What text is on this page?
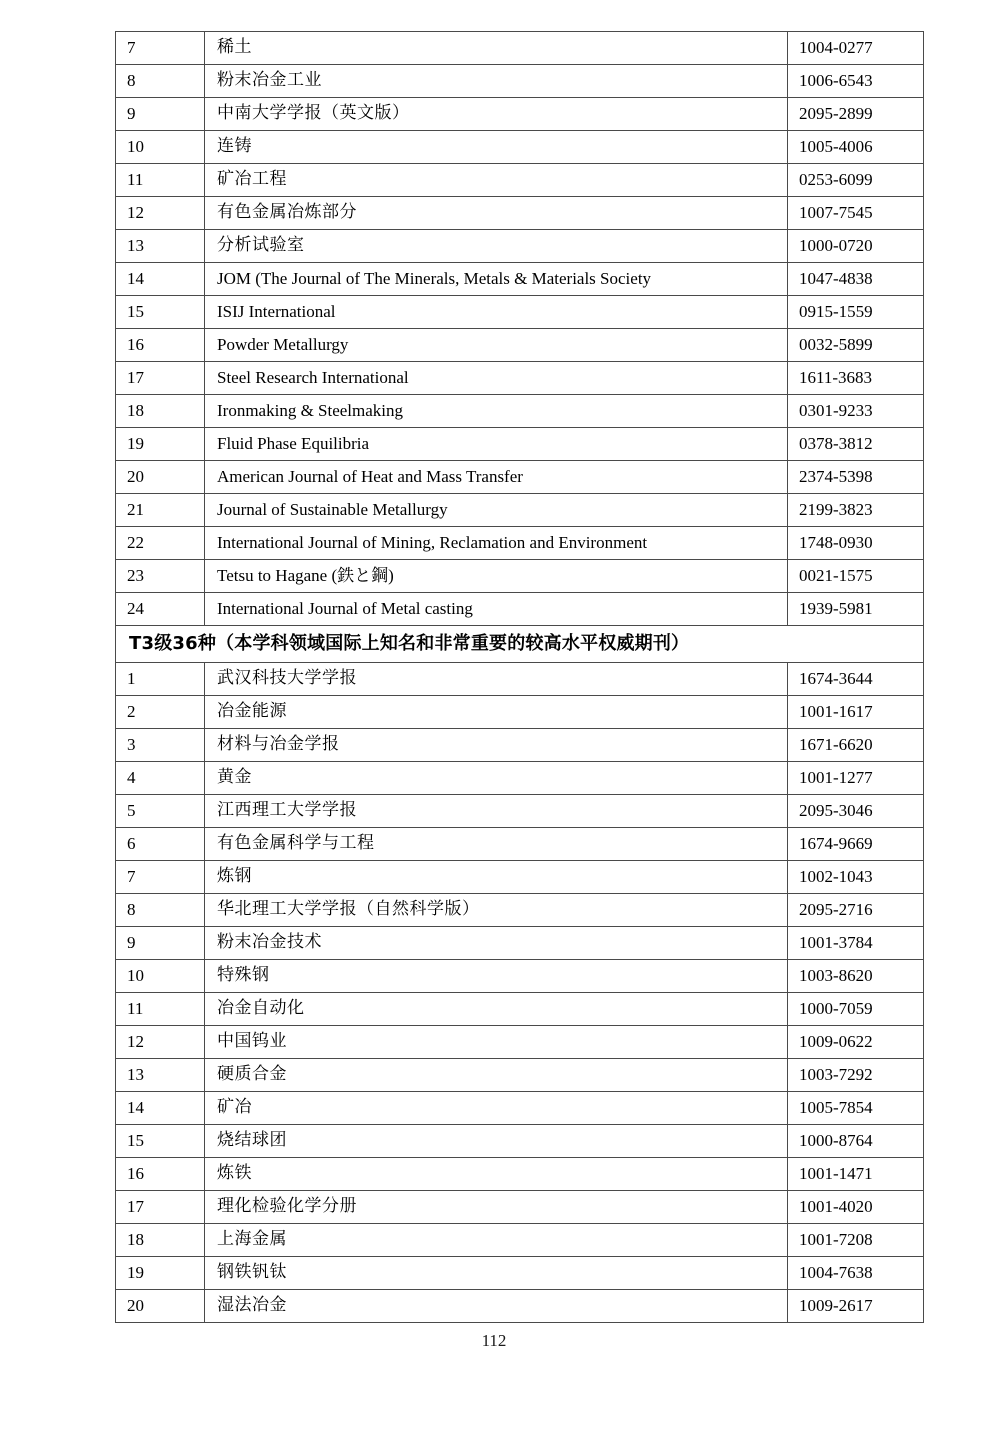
7	稀土	1004-0277
8	粉末冶金工业	1006-6543
9	中南大学学报（英文版）	2095-2899
10	连铸	1005-4006
11	矿冶工程	0253-6099
12	有色金属冶炼部分	1007-7545
13	分析试验室	1000-0720
14	JOM (The Journal of The Minerals, Metals & Materials Society	1047-4838
15	ISIJ International	0915-1559
16	Powder Metallurgy	0032-5899
17	Steel Research International	1611-3683
18	Ironmaking & Steelmaking	0301-9233
19	Fluid Phase Equilibria	0378-3812
20	American Journal of Heat and Mass Transfer	2374-5398
21	Journal of Sustainable Metallurgy	2199-3823
22	International Journal of Mining, Reclamation and Environment	1748-0930
23	Tetsu to Hagane (鉄と鋼)	0021-1575
24	International Journal of Metal casting	1939-5981
T3级36种（本学科领域国际上知名和非常重要的较高水平权威期刊）		
1	武汉科技大学学报	1674-3644
2	冶金能源	1001-1617
3	材料与冶金学报	1671-6620
4	黄金	1001-1277
5	江西理工大学学报	2095-3046
6	有色金属科学与工程	1674-9669
7	炼钢	1002-1043
8	华北理工大学学报（自然科学版）	2095-2716
9	粉末冶金技术	1001-3784
10	特殊钢	1003-8620
11	冶金自动化	1000-7059
12	中国钨业	1009-0622
13	硬质合金	1003-7292
14	矿冶	1005-7854
15	烧结球团	1000-8764
16	炼铁	1001-1471
17	理化检验化学分册	1001-4020
18	上海金属	1001-7208
19	钢铁钒钛	1004-7638
20	湿法冶金	1009-2617
112
